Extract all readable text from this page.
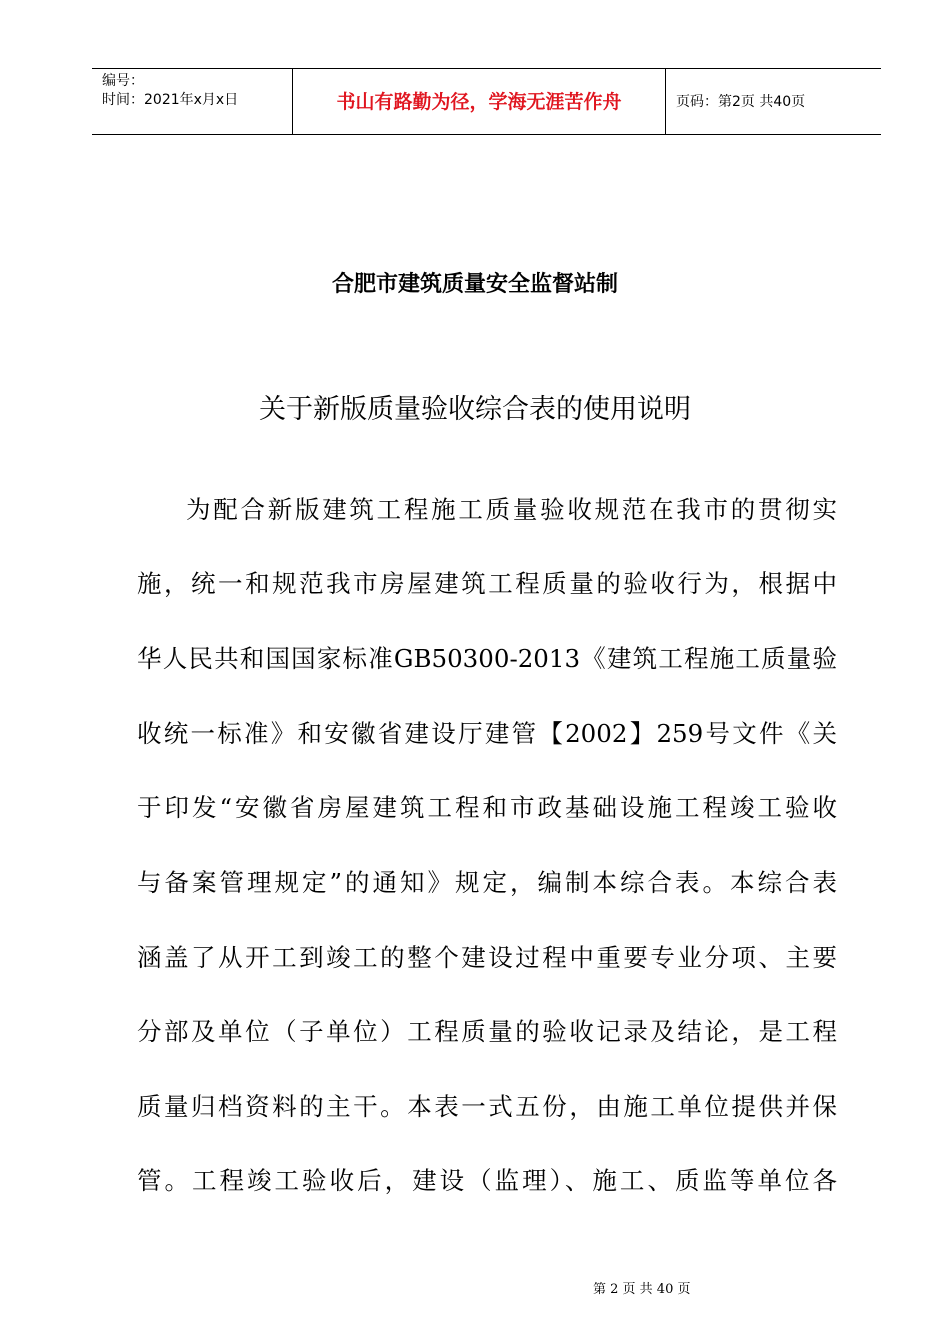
编号：
时间：2021年x月x日	书山有路勤为径，学海无涯苦作舟	页码：第2页 共40页
合肥市建筑质量安全监督站制
关于新版质量验收综合表的使用说明
为配合新版建筑工程施工质量验收规范在我市的贯彻实
施，统一和规范我市房屋建筑工程质量的验收行为，根据中
华人民共和国国家标准GB50300-2013《建筑工程施工质量验
收统一标准》和安徽省建设厅建管【2002】259号文件《关
于印发“安徽省房屋建筑工程和市政基础设施工程竣工验收
与备案管理规定”的通知》规定，编制本综合表。本综合表
涵盖了从开工到竣工的整个建设过程中重要专业分项、主要
分部及单位（子单位）工程质量的验收记录及结论，是工程
质量归档资料的主干。本表一式五份，由施工单位提供并保
管。工程竣工验收后，建设（监理）、施工、质监等单位各
第 2 页 共 40 页
